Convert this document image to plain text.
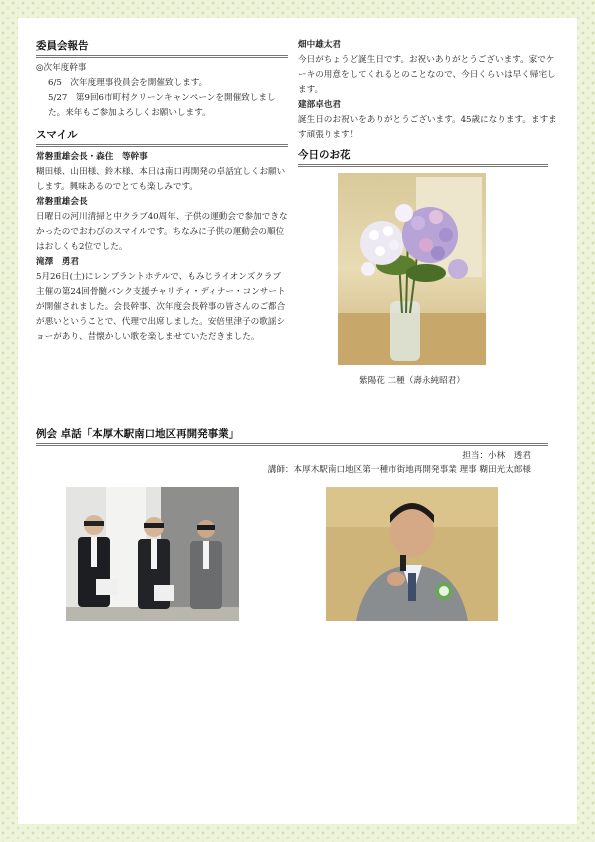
委員会報告

◎次年度幹事

6/5　次年度理事役員会を開催致します。

5/27　第9回6市町村クリーンキャンペーンを開催致しました。来年もご参加よろしくお願いします。

スマイル
常磐重雄会長・森住　等幹事

糊田様、山田様、鈴木様、本日は南口再開発の卓話宜しくお願いします。興味あるのでとても楽しみです。

常磐重雄会長

日曜日の河川清掃と中クラブ40周年、子供の運動会で参加できなかったのでおわびのスマイルです。ちなみに子供の運動会の順位はおしくも2位でした。

滝澤　勇君

5月26日(土)にレンブラントホテルで、もみじライオンズクラブ主催の第24回骨髄バンク支援チャリティ・ディナー・コンサートが開催されました。会長幹事、次年度会長幹事の皆さんのご都合が悪いということで、代理で出席しました。安倍里津子の歌謡ショーがあり、昔懐かしい歌を楽しませていただきました。

畑中雄太君

今日がちょうど誕生日です。お祝いありがとうございます。家でケーキの用意をしてくれるとのことなので、今日くらいは早く帰宅します。

建部卓也君

誕生日のお祝いをありがとうございます。45歳になります。ますます頑張ります！

今日のお花
紫陽花 二種（壽永純昭君）
例会 卓話「本厚木駅南口地区再開発事業」
担当：小林　透君
講師：本厚木駅南口地区第一種市街地再開発事業 理事 糊田光太郎様
